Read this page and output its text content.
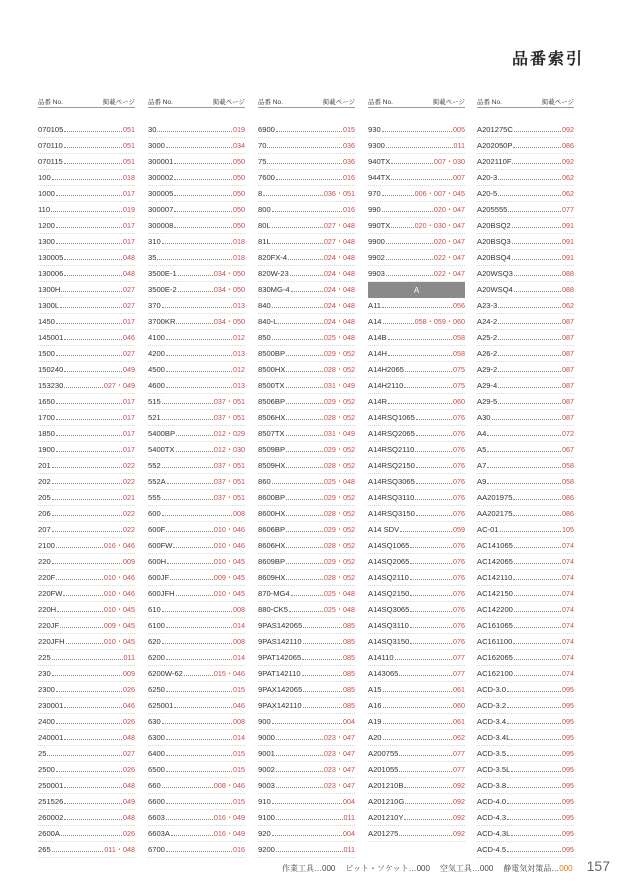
品番索引
品番 No.	掲載ページ
070105	051
070110	051
070115	051
100	018
1000	017
110	019
1200	017
1300	017
130005	048
130006	048
1300H	027
1300L	027
1450	017
145001	046
1500	027
150240	049
153230	027・049
1650	017
1700	017
1850	017
1900	017
201	022
202	022
205	021
206	022
207	022
2100	016・046
220	009
220F	010・046
220FW	010・046
220H	010・045
220JF	009・045
220JFH	010・045
225	011
230	009
2300	026
230001	046
2400	026
240001	048
25	027
2500	026
250001	048
251526	049
260002	048
2600A	026
265	011・048
品番 No.	掲載ページ
30	019
3000	034
300001	050
300002	050
300005	050
300007	050
300008	050
310	018
35	018
3500E-1	034・050
3500E-2	034・050
370	013
3700KR	034・050
4100	012
4200	013
4500	012
4600	013
515	037・051
521	037・051
5400BP	012・029
5400TX	012・030
552	037・051
552A	037・051
555	037・051
600	008
600F	010・046
600FW	010・046
600H	010・045
600JF	009・045
600JFH	010・045
610	008
6100	014
620	008
6200	014
6200W-62	015・046
6250	015
625001	046
630	008
6300	014
6400	015
6500	015
660	008・046
6600	015
6603	016・049
6603A	016・049
6700	016
品番 No.	掲載ページ
6900	015
70	036
75	036
7600	016
8	036・051
800	016
80L	027・048
81L	027・048
820FX-4	024・048
820W-23	024・048
830MG-4	024・048
840	024・048
840-L	024・048
850	025・048
8500BP	029・052
8500HX	028・052
8500TX	031・049
8506BP	029・052
8506HX	028・052
8507TX	031・049
8509BP	029・052
8509HX	028・052
860	025・048
8600BP	029・052
8600HX	028・052
8606BP	029・052
8606HX	028・052
8609BP	029・052
8609HX	028・052
870-MG4	025・048
880-CK5	025・048
9PAS142065	085
9PAS142110	085
9PAT142065	085
9PAT142110	085
9PAX142065	085
9PAX142110	085
900	004
9000	023・047
9001	023・047
9002	023・047
9003	023・047
910	004
9100	011
920	004
9200	011
品番 No.	掲載ページ
930	005
9300	011
940TX	007・030
944TX	007
970	006・007・045
990	020・047
990TX	020・030・047
9900	020・047
9902	022・047
9903	022・047
A
A11	056
A14	058・059・060
A14B	058
A14H	058
A14H2065	075
A14H2110	075
A14R	060
A14RSQ1065	076
A14RSQ2065	076
A14RSQ2110	076
A14RSQ2150	076
A14RSQ3065	076
A14RSQ3110	076
A14RSQ3150	076
A14 SDV	059
A14SQ1065	076
A14SQ2065	076
A14SQ2110	076
A14SQ2150	076
A14SQ3065	076
A14SQ3110	076
A14SQ3150	076
A14110	077
A143065	077
A15	061
A16	060
A19	061
A20	062
A200755	077
A201055	077
A201210B	092
A201210G	092
A201210Y	092
A201275	092
品番 No.	掲載ページ
A201275C	092
A202050P	086
A202110F	092
A20-3	062
A20-5	062
A205555	077
A20BSQ2	091
A20BSQ3	091
A20BSQ4	091
A20WSQ3	088
A20WSQ4	088
A23-3	062
A24-2	087
A25-2	087
A26-2	087
A29-2	087
A29-4	087
A29-5	087
A30	087
A4	072
A5	067
A7	058
A9	058
AA201975	086
AA202175	086
AC-01	105
AC141065	074
AC142065	074
AC142110	074
AC142150	074
AC142200	074
AC161065	074
AC161100	074
AC162065	074
AC162100	074
ACD-3.0	095
ACD-3.2	095
ACD-3.4	095
ACD-3.4L	095
ACD-3.5	095
ACD-3.5L	095
ACD-3.8	095
ACD-4.0	095
ACD-4.3	095
ACD-4.3L	095
ACD-4.5	095
作業工具…000 ビット・ソケット…000 空気工具…000 静電気対策品…000 157
